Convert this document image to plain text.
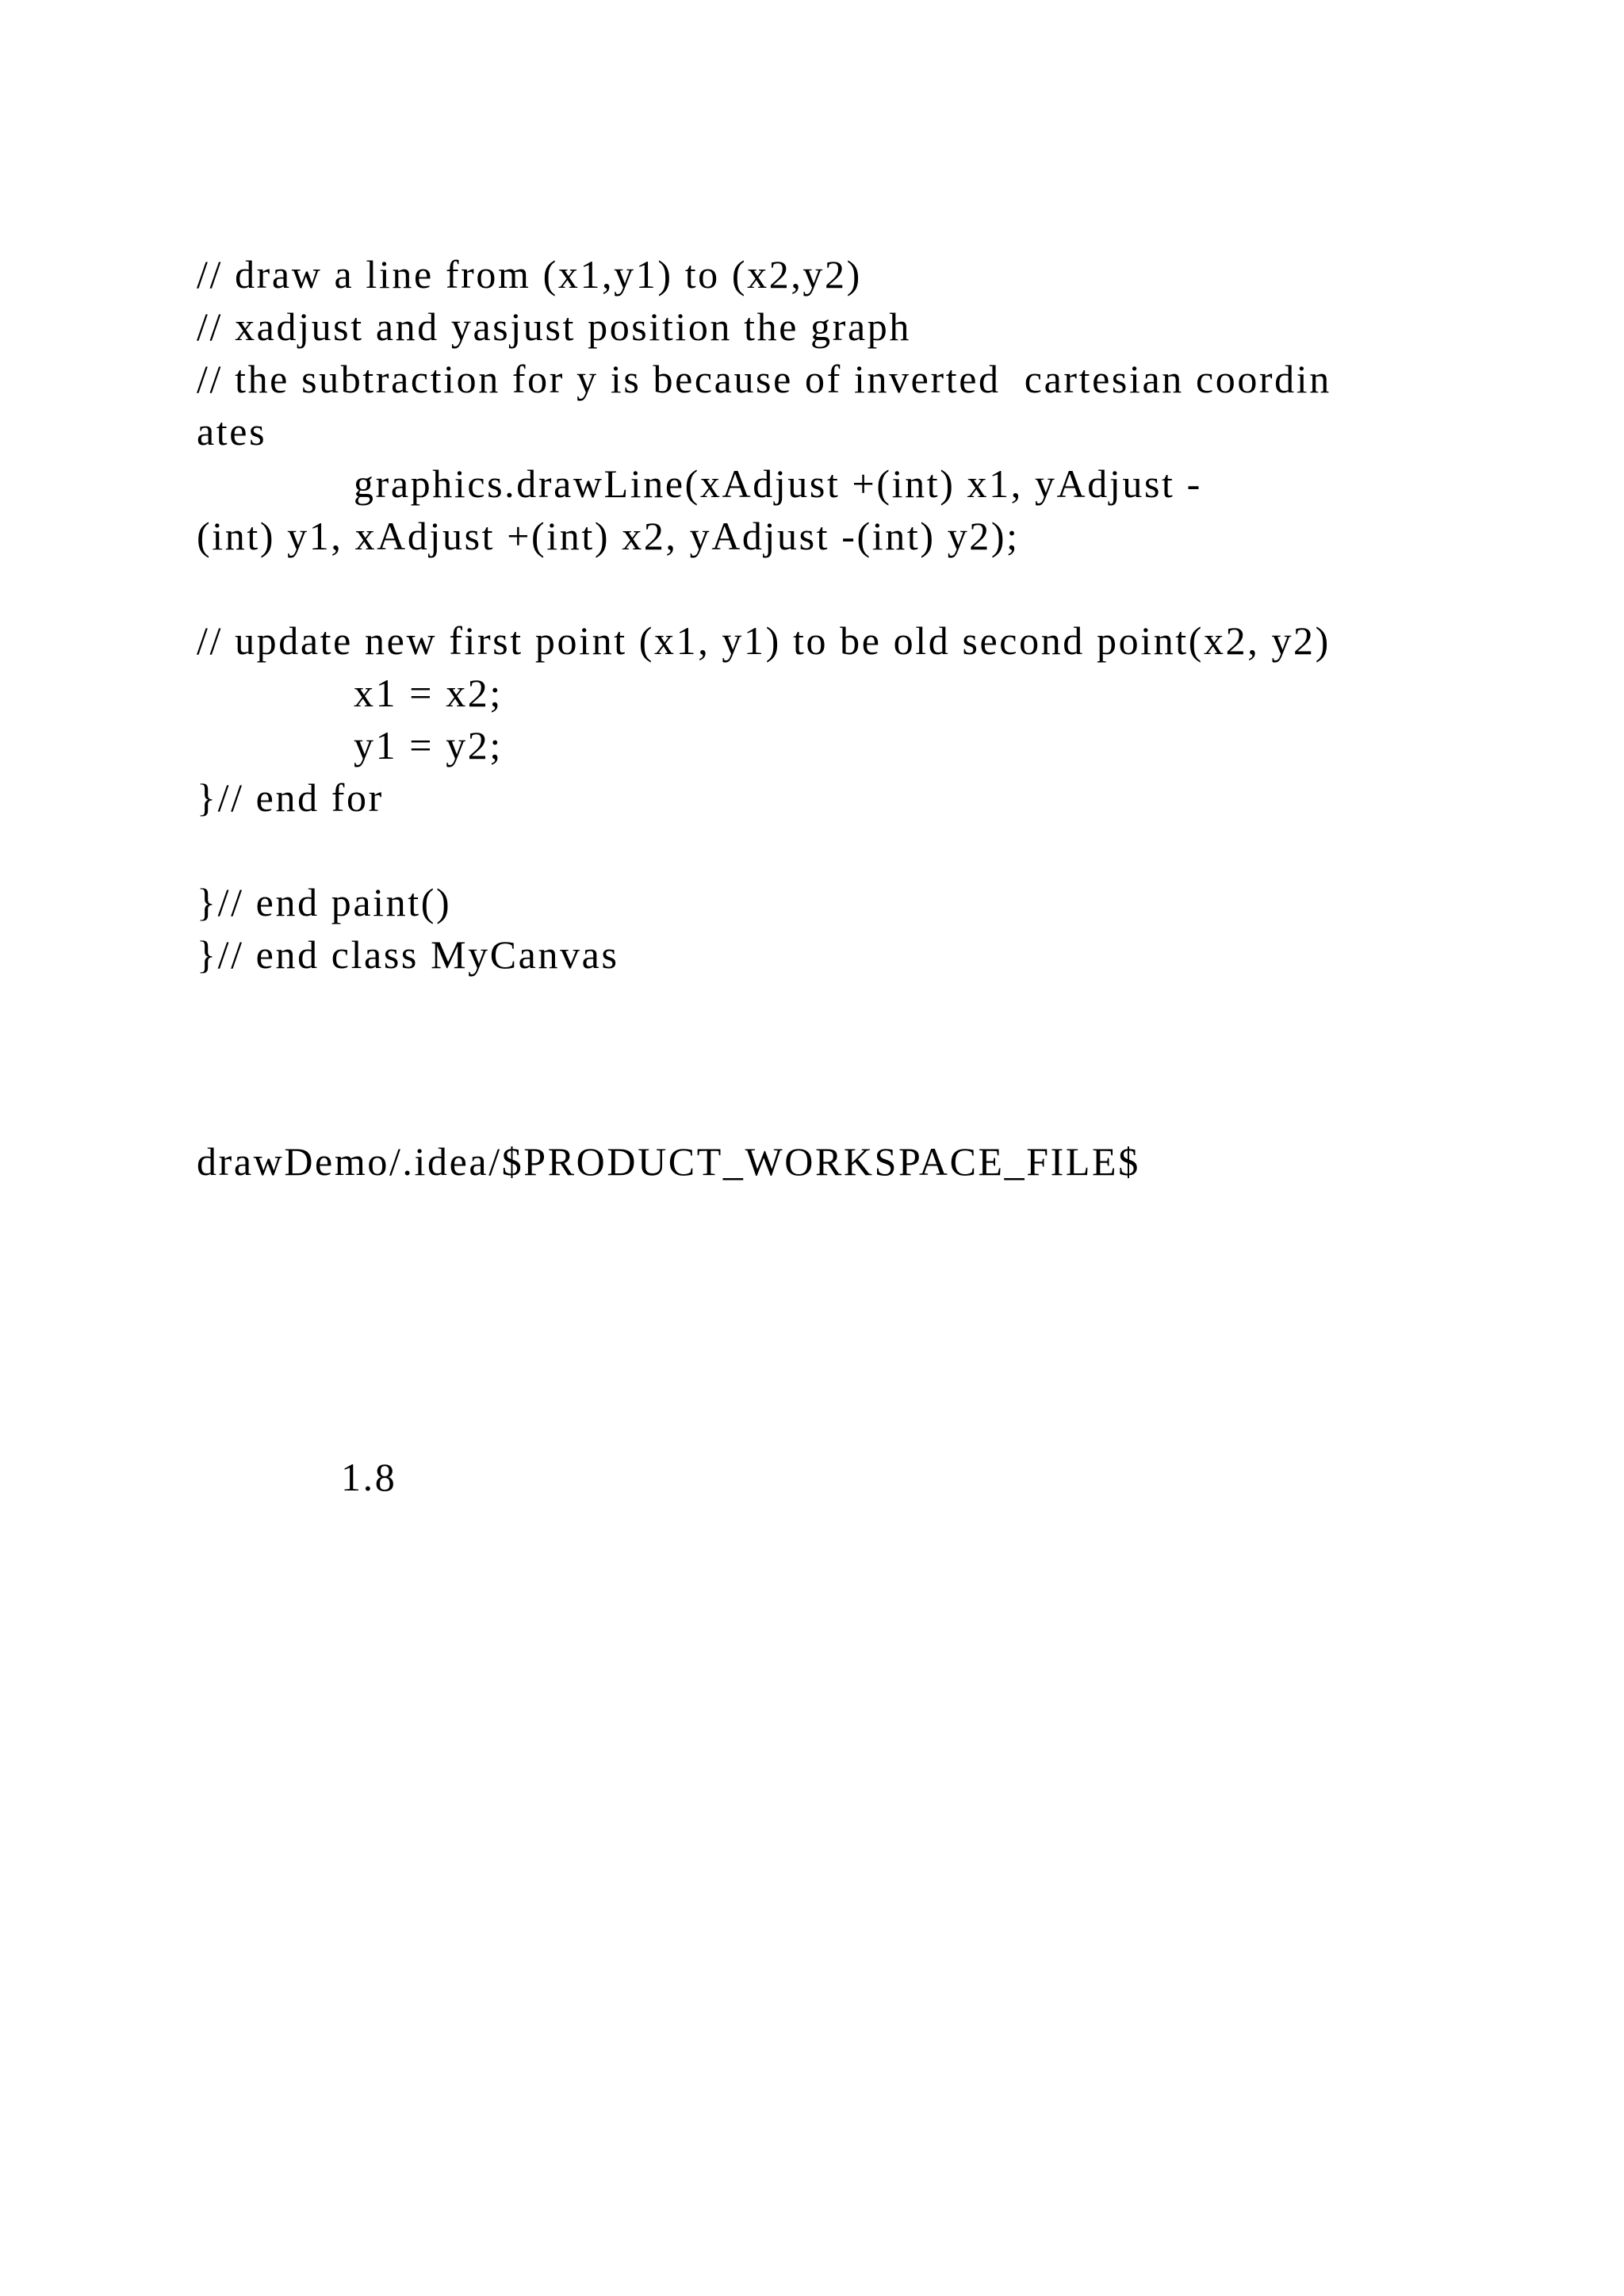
// draw a line from (x1,y1) to (x2,y2)
// xadjust and yasjust position the graph
// the subtraction for y is because of inverted  cartesian coordin
ates
graphics.drawLine(xAdjust +(int) x1, yAdjust -
(int) y1, xAdjust +(int) x2, yAdjust -(int) y2);
// update new first point (x1, y1) to be old second point(x2, y2)
x1 = x2;
y1 = y2;
}// end for
}// end paint()
}// end class MyCanvas
drawDemo/.idea/$PRODUCT_WORKSPACE_FILE$
1.8
